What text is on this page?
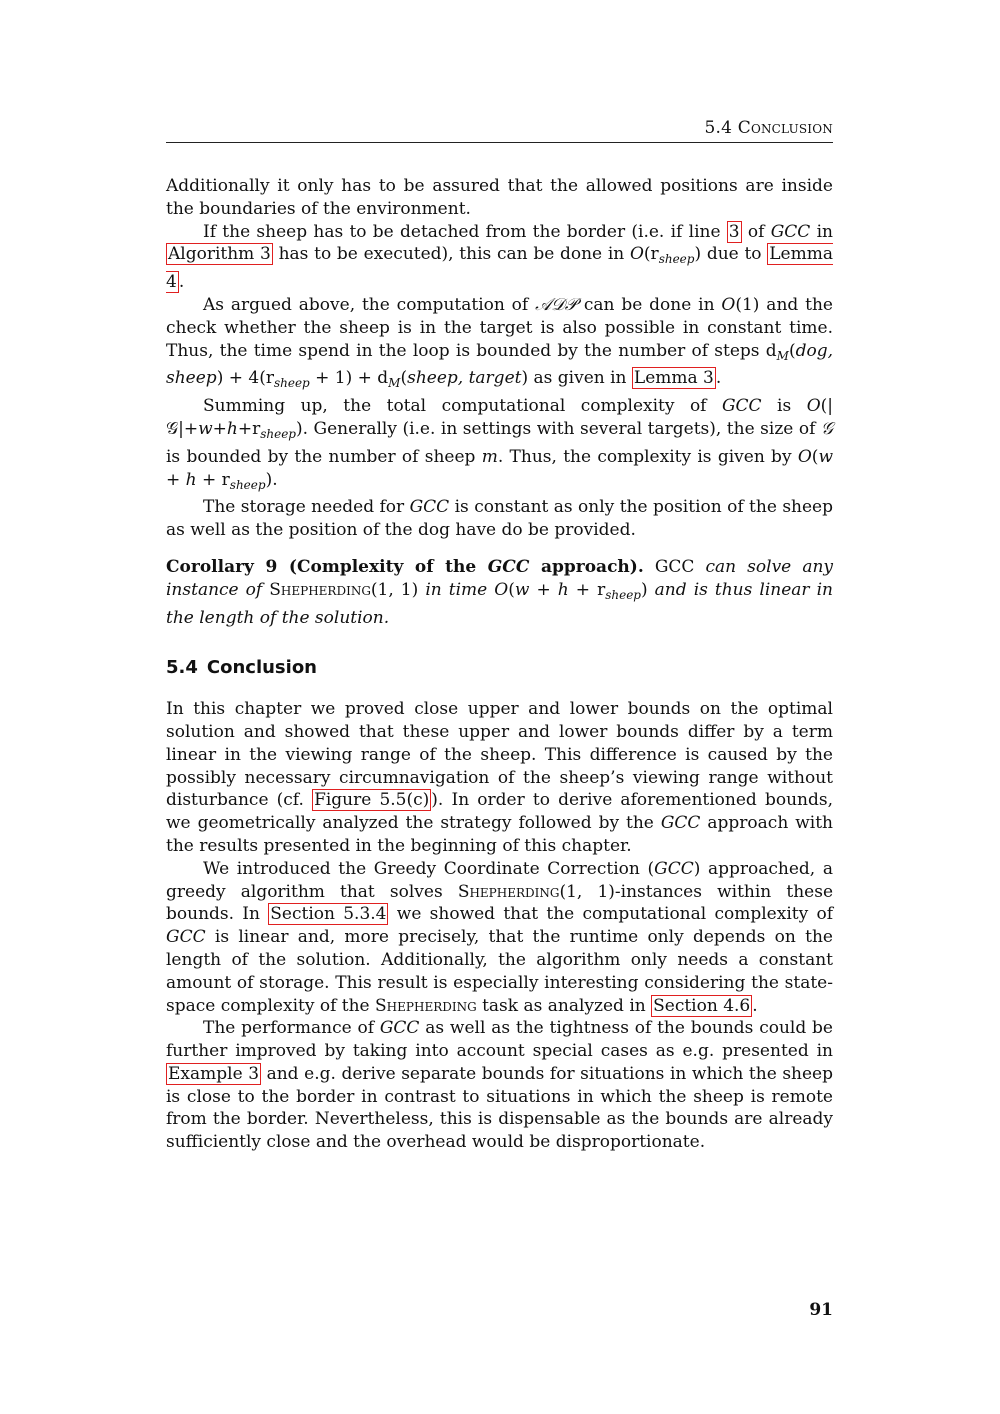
5.4 Conclusion

Additionally it only has to be assured that the allowed positions are inside the boundaries of the environment.

If the sheep has to be detached from the border (i.e. if line 3 of GCC in Algorithm 3 has to be executed), this can be done in $O(r_{sheep})$ due to Lemma 4 .

As argued above, the computation of 𝒜𝒟𝒫 can be done in O(1) and the check whether the sheep is in the target is also possible in constant time. Thus, the time spend in the loop is bounded by the number of steps $d_M(dog$, sheep) + $4(r_{sheep} + 1)$ + $d_M(sheep$, target) as given in Lemma 3 .

Summing up, the total computational complexity of GCC is $O(|𝒢|+w+h+r_{sheep})$. Generally (i.e. in settings with several targets), the size of 𝒢 is bounded by the number of sheep m. Thus, the complexity is given by $O(w + h + r_{sheep})$.

The storage needed for GCC is constant as only the position of the sheep as well as the position of the dog have do be provided.

Corollary 9 (Complexity of the GCC approach). GCC can solve any instance of Shepherding(1, 1) in time $O(w + h + r_{sheep})$ and is thus linear in the length of the solution.

5.4 Conclusion

In this chapter we proved close upper and lower bounds on the optimal solution and showed that these upper and lower bounds differ by a term linear in the viewing range of the sheep. This difference is caused by the possibly necessary circumnavigation of the sheep’s viewing range without disturbance (cf. Figure 5.5(c) ). In order to derive aforementioned bounds, we geometrically analyzed the strategy followed by the GCC approach with the results presented in the beginning of this chapter.

We introduced the Greedy Coordinate Correction (GCC) approached, a greedy algorithm that solves Shepherding(1, 1)-instances within these bounds. In Section 5.3.4 we showed that the computational complexity of GCC is linear and, more precisely, that the runtime only depends on the length of the solution. Additionally, the algorithm only needs a constant amount of storage. This result is especially interesting considering the state-space complexity of the Shepherding task as analyzed in Section 4.6 .

The performance of GCC as well as the tightness of the bounds could be further improved by taking into account special cases as e.g. presented in Example 3 and e.g. derive separate bounds for situations in which the sheep is close to the border in contrast to situations in which the sheep is remote from the border. Nevertheless, this is dispensable as the bounds are already sufficiently close and the overhead would be disproportionate.

91
